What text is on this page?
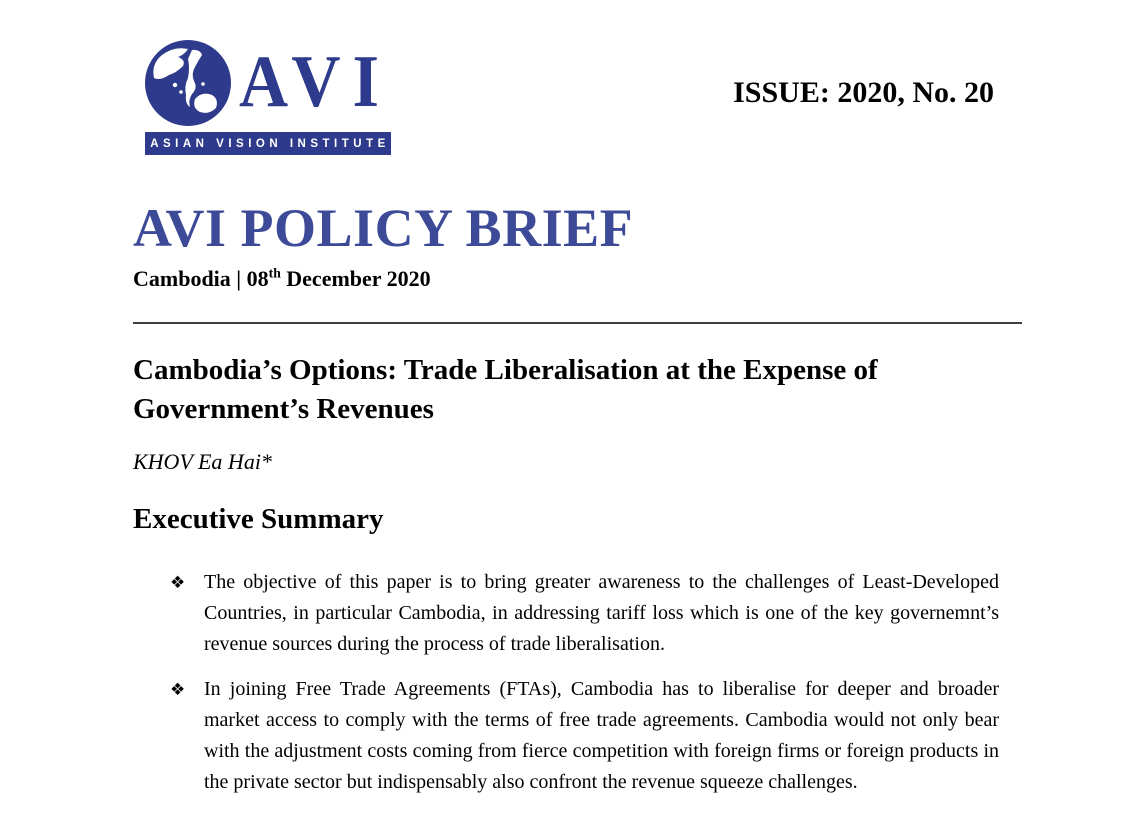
AVI
ASIAN VISION INSTITUTE
ISSUE: 2020, No. 20
AVI POLICY BRIEF
Cambodia | 08th December 2020
Cambodia’s Options: Trade Liberalisation at the Expense of
Government’s Revenues
KHOV Ea Hai*
Executive Summary
❖ The objective of this paper is to bring greater awareness to the challenges of Least-Developed Countries, in particular Cambodia, in addressing tariff loss which is one of the key governemnt’s revenue sources during the process of trade liberalisation.
❖ In joining Free Trade Agreements (FTAs), Cambodia has to liberalise for deeper and broader market access to comply with the terms of free trade agreements. Cambodia would not only bear with the adjustment costs coming from fierce competition with foreign firms or foreign products in the private sector but indispensably also confront the revenue squeeze challenges.
